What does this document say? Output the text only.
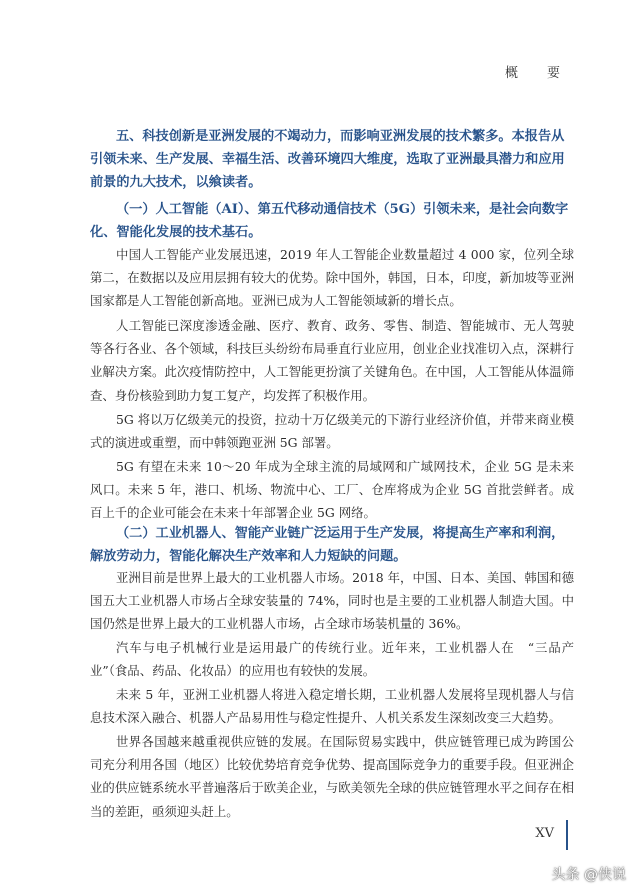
概　要

五、科技创新是亚洲发展的不竭动力，而影响亚洲发展的技术繁多。本报告从引领未来、生产发展、幸福生活、改善环境四大维度，选取了亚洲最具潜力和应用前景的九大技术，以飨读者。

（一）人工智能（AI）、第五代移动通信技术（5G）引领未来，是社会向数字化、智能化发展的技术基石。

中国人工智能产业发展迅速，2019 年人工智能企业数量超过 4 000 家，位列全球第二，在数据以及应用层拥有较大的优势。除中国外，韩国，日本，印度，新加坡等亚洲国家都是人工智能创新高地。亚洲已成为人工智能领域新的增长点。

人工智能已深度渗透金融、医疗、教育、政务、零售、制造、智能城市、无人驾驶等各行各业、各个领域，科技巨头纷纷布局垂直行业应用，创业企业找准切入点，深耕行业解决方案。此次疫情防控中，人工智能更扮演了关键角色。在中国，人工智能从体温筛查、身份核验到助力复工复产，均发挥了积极作用。

5G 将以万亿级美元的投资，拉动十万亿级美元的下游行业经济价值，并带来商业模式的演进或重塑，而中韩领跑亚洲 5G 部署。

5G 有望在未来 10～20 年成为全球主流的局域网和广域网技术，企业 5G 是未来风口。未来 5 年，港口、机场、物流中心、工厂、仓库将成为企业 5G 首批尝鲜者。成百上千的企业可能会在未来十年部署企业 5G 网络。

（二）工业机器人、智能产业链广泛运用于生产发展，将提高生产率和利润，解放劳动力，智能化解决生产效率和人力短缺的问题。

亚洲目前是世界上最大的工业机器人市场。2018 年，中国、日本、美国、韩国和德国五大工业机器人市场占全球安装量的 74%，同时也是主要的工业机器人制造大国。中国仍然是世界上最大的工业机器人市场，占全球市场装机量的 36%。

汽车与电子机械行业是运用最广的传统行业。近年来，工业机器人在　“三品产业”（食品、药品、化妆品）的应用也有较快的发展。

未来 5 年，亚洲工业机器人将进入稳定增长期，工业机器人发展将呈现机器人与信息技术深入融合、机器人产品易用性与稳定性提升、人机关系发生深刻改变三大趋势。

世界各国越来越重视供应链的发展。在国际贸易实践中，供应链管理已成为跨国公司充分利用各国（地区）比较优势培育竞争优势、提高国际竞争力的重要手段。但亚洲企业的供应链系统水平普遍落后于欧美企业，与欧美领先全球的供应链管理水平之间存在相当的差距，亟须迎头赶上。

XV
头条 @侠说
